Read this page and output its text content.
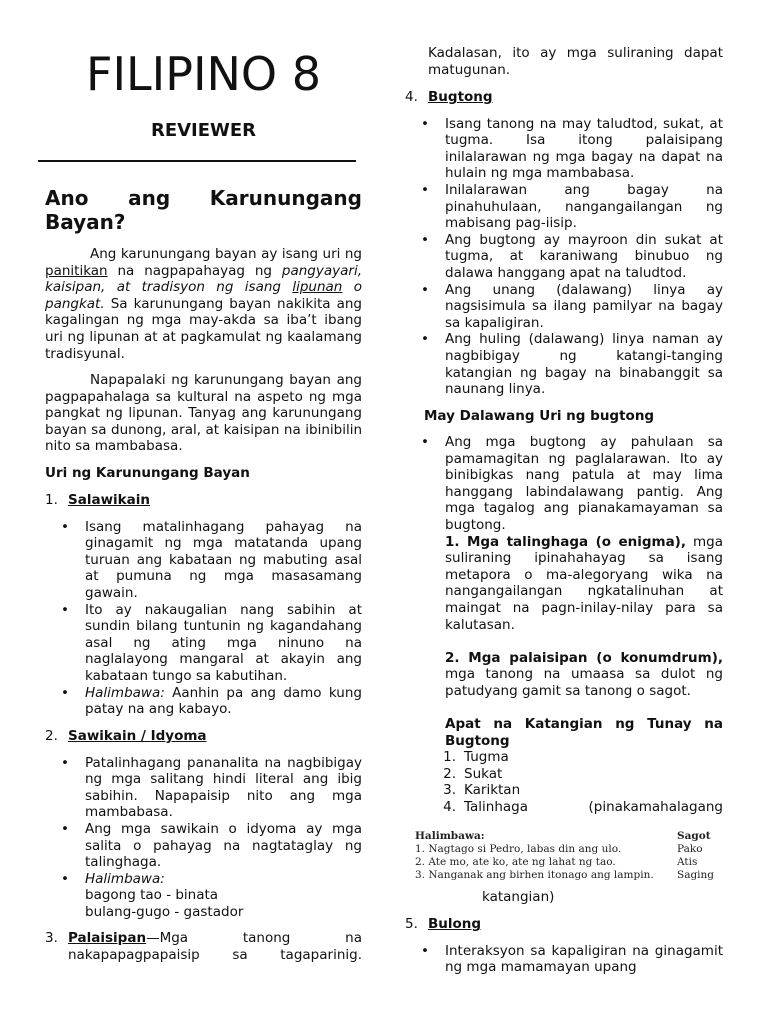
FILIPINO 8
REVIEWER
Ano ang Karunungang Bayan?
Ang karunungang bayan ay isang uri ng panitikan na nagpapahayag ng pangyayari, kaisipan, at tradisyon ng isang lipunan o pangkat. Sa karunungang bayan nakikita ang kagalingan ng mga may-akda sa iba’t ibang uri ng lipunan at at pagkamulat ng kaalamang tradisyunal.
Napapalaki ng karunungang bayan ang pagpapahalaga sa kultural na aspeto ng mga pangkat ng lipunan. Tanyag ang karunungang bayan sa dunong, aral, at kaisipan na ibinibilin nito sa mambabasa.
Uri ng Karunungang Bayan
1. Salawikain
• Isang matalinhagang pahayag na ginagamit ng mga matatanda upang turuan ang kabataan ng mabuting asal at pumuna ng mga masasamang gawain.
• Ito ay nakaugalian nang sabihin at sundin bilang tuntunin ng kagandahang asal ng ating mga ninuno na naglalayong mangaral at akayin ang kabataan tungo sa kabutihan.
• Halimbawa: Aanhin pa ang damo kung patay na ang kabayo.
2. Sawikain / Idyoma
• Patalinhagang pananalita na nagbibigay ng mga salitang hindi literal ang ibig sabihin. Napapaisip nito ang mga mambabasa.
• Ang mga sawikain o idyoma ay mga salita o pahayag na nagtataglay ng talinghaga.
• Halimbawa:
bagong tao - binata
bulang-gugo - gastador
3. Palaisipan—Mga tanong na nakapapagpapaisip sa tagaparinig.
Kadalasan, ito ay mga suliraning dapat matugunan.
4. Bugtong
• Isang tanong na may taludtod, sukat, at tugma. Isa itong palaisipang inilalarawan ng mga bagay na dapat na hulain ng mga mambabasa.
• Inilalarawan ang bagay na pinahuhulaan, nangangailangan ng mabisang pag-iisip.
• Ang bugtong ay mayroon din sukat at tugma, at karaniwang binubuo ng dalawa hanggang apat na taludtod.
• Ang unang (dalawang) linya ay nagsisimula sa ilang pamilyar na bagay sa kapaligiran.
• Ang huling (dalawang) linya naman ay nagbibigay ng katangi-tanging katangian ng bagay na binabanggit sa naunang linya.
May Dalawang Uri ng bugtong
• Ang mga bugtong ay pahulaan sa pamamagitan ng paglalarawan. Ito ay binibigkas nang patula at may lima hanggang labindalawang pantig. Ang mga tagalog ang pianakamayaman sa bugtong.
1. Mga talinghaga (o enigma), mga suliraning ipinahahayag sa isang metapora o ma-alegoryang wika na nangangailangan ngkatalinuhan at maingat na pagn-inilay-nilay para sa kalutasan.

2. Mga palaisipan (o konumdrum), mga tanong na umaasa sa dulot ng patudyang gamit sa tanong o sagot.
Apat na Katangian ng Tunay na Bugtong
1. Tugma
2. Sukat
3. Kariktan
4. Talinhaga	(pinakamahalagang
Halimbawa:	Sagot
1. Nagtago si Pedro, labas din ang ulo.	Pako
2. Ate mo, ate ko, ate ng lahat ng tao.	Atis
3. Nanganak ang birhen itonago ang lampin.	Saging
katangian)
5. Bulong
• Interaksyon sa kapaligiran na ginagamit ng mga mamamayan upang
